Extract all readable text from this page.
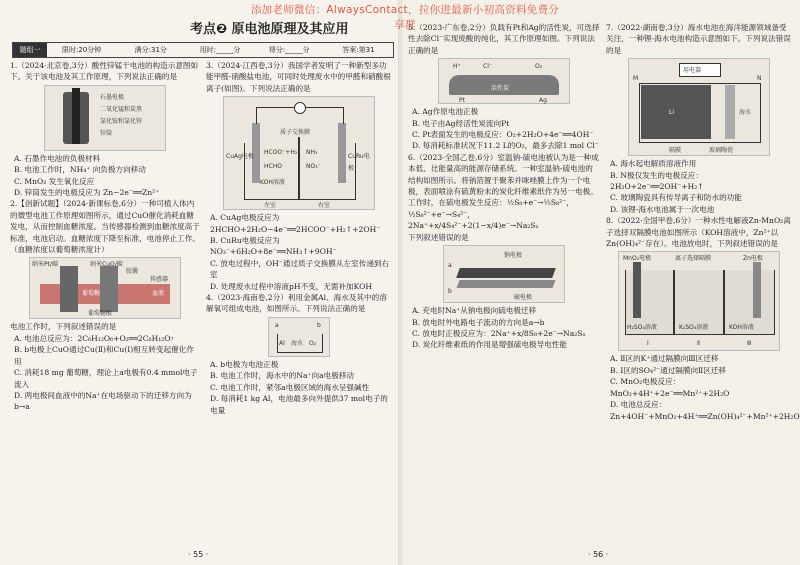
添加老师微信：AlwaysContact，拉你进最新小初高资料免费分享群
考点❷ 原电池原理及其应用
题组一	限时:20分钟	满分:31分	用时:_____分	得分:_____分	答案:第31

1.（2024·北京卷,3分）酸性锌锰干电池的构造示意图如下。关于该电池及其工作原理，下列说法正确的是

石墨电极
二氧化锰和炭黑
氯化铵和氯化锌
锌筒

A. 石墨作电池的负极材料

B. 电池工作时，NH₄⁺ 向负极方向移动

C. MnO₂ 发生氧化反应

D. 锌筒发生的电极反应为 Zn−2e⁻══Zn²⁺

2.【创新试题】（2024·新课标卷,6分）一种可植入体内的微型电池工作原理如图所示，通过CuO催化消耗血糖发电，从而控制血糖浓度。当传感器检测到血糖浓度高于标准，电池启动。血糖浓度下降至标准，电池停止工作。（血糖浓度以葡萄糖浓度计）

纳米Pt/碳	纳米CuO/碳
胶囊
传感器
葡萄糖	血液
葡萄糖酸

电池工作时，下列叙述错误的是

A. 电池总反应为：2C₆H₁₂O₆+O₂══2C₆H₁₂O₇

B. b电极上CuO通过Cu(Ⅱ)和Cu(Ⅰ)相互转变起催化作用

C. 消耗18 mg 葡萄糖，理论上a电极有0.4 mmol电子流入

D. 两电极间血液中的Na⁺在电场驱动下的迁移方向为b→a

3.（2024·江西卷,3分）我国学者发明了一种新型多功能甲醛-硝酸盐电池，可同时处理废水中的甲醛和硝酸根离子(如图)。下列说法正确的是

质子交换膜
CuAg电极
HCOO⁻+H₂
HCHO
KOH溶液
NH₃
NO₃⁻
CuRu电极
左室	右室

A. CuAg电极反应为 2HCHO+2H₂O−4e⁻══2HCOO⁻+H₂↑+2OH⁻

B. CuRu电极反应为 NO₃⁻+6H₂O+8e⁻══NH₃↑+9OH⁻

C. 放电过程中，OH⁻通过质子交换膜从左室传递到右室

D. 处理废水过程中溶液pH不变，无需补加KOH

4.（2023·海南卷,2分）利用金属Al、海水及其中的溶解氧可组成电池，如图所示。下列说法正确的是

a	b
Al 海水 O₂

A. b电极为电池正极

B. 电池工作时，海水中的Na⁺向a电极移动

C. 电池工作时，紧邻a电极区域的海水呈强碱性

D. 每消耗1 kg Al，电池最多向外提供37 mol电子的电量

· 55 ·

5.（2023·广东卷,2分）负载有Pt和Ag的活性炭，可选择性去除Cl⁻实现废酸的纯化，其工作原理如图。下列说法正确的是

H⁺	Cl⁻	O₂
活性炭
Pt	Ag

A. Ag作原电池正极

B. 电子由Ag经活性炭流向Pt

C. Pt表面发生的电极反应：O₂+2H₂O+4e⁻══4OH⁻

D. 每消耗标准状况下11.2 L的O₂，最多去除1 mol Cl⁻

6.（2023·全国乙卷,6分）室温钠-硫电池被认为是一种成本低、比能量高的能源存储系统。一种室温钠-硫电池的结构如图所示。将钠箔置于聚苯并咪唑膜上作为一个电极，表面喷涂有硫黄粉末的炭化纤维素纸作为另一电极。工作时，在硫电极发生反应：½S₈+e⁻→½S₈²⁻，½S₈²⁻+e⁻→S₄²⁻，2Na⁺+x/4S₄²⁻+2(1−x/4)e⁻→Na₂Sₓ

下列叙述错误的是

钠电极
a
b
硫电极

A. 充电时Na⁺从钠电极向硫电极迁移

B. 放电时外电路电子流动的方向是a→b

C. 放电时正极反应为：2Na⁺+x/8S₈+2e⁻→Na₂Sₓ

D. 炭化纤维素纸的作用是增强硫电极导电性能

7.（2022·湖南卷,3分）海水电池在海洋能源领域备受关注，一种锂-海水电池构造示意图如下。下列说法错误的是

用电器
M	N
Li	海水
隔膜	玻璃陶瓷

A. 海水起电解质溶液作用

B. N极仅发生的电极反应：2H₂O+2e⁻══2OH⁻+H₂↑

C. 玻璃陶瓷具有传导离子和防水的功能

D. 该锂-海水电池属于一次电池

8.（2022·全国甲卷,6分）一种水性电解液Zn-MnO₂离子选择双隔膜电池如图所示（KOH溶液中，Zn²⁺以Zn(OH)₄²⁻存在）。电池放电时，下列叙述错误的是

MnO₂电极	离子选择隔膜	Zn电极
H₂SO₄溶液	K₂SO₄溶液	KOH溶液
Ⅰ	Ⅱ	Ⅲ

A. Ⅱ区的K⁺通过隔膜向Ⅲ区迁移

B. Ⅰ区的SO₄²⁻通过隔膜向Ⅱ区迁移

C. MnO₂电极反应：MnO₂+4H⁺+2e⁻══Mn²⁺+2H₂O

D. 电池总反应：Zn+4OH⁻+MnO₂+4H⁺══Zn(OH)₄²⁻+Mn²⁺+2H₂O

· 56 ·
